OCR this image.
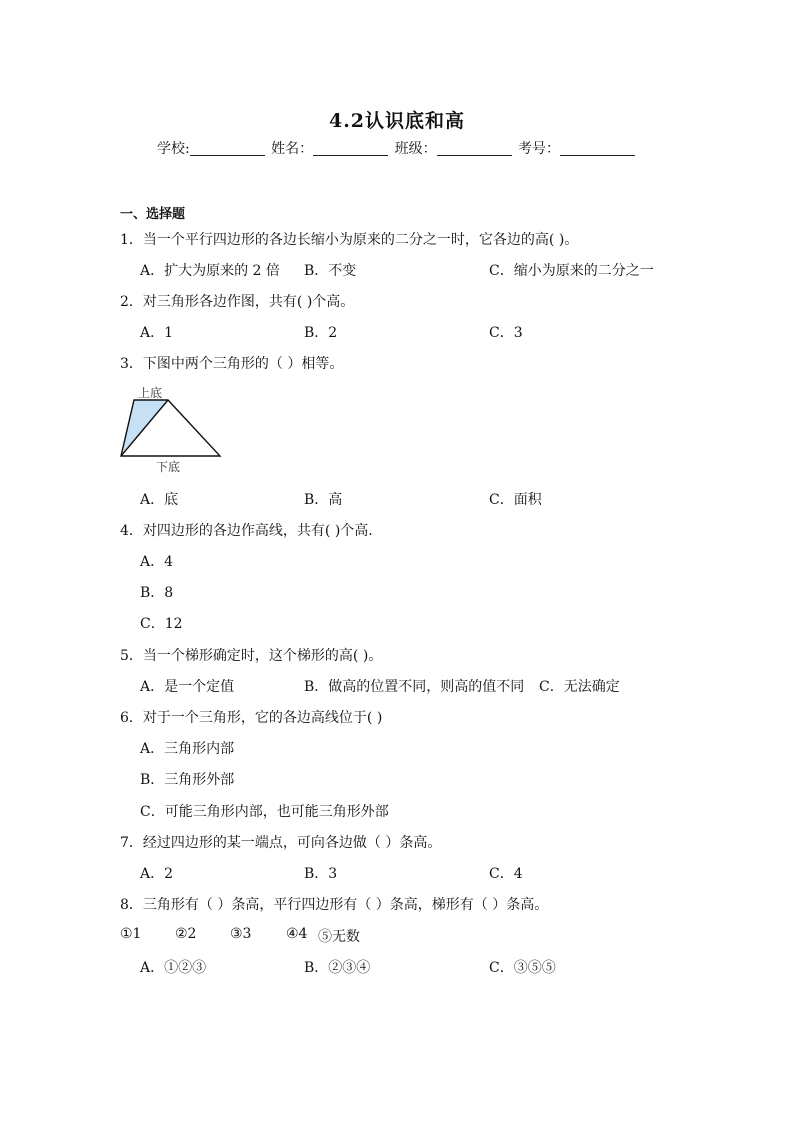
4.2认识底和高
学校:	姓名：	班级：	考号：
一、选择题
1．当一个平行四边形的各边长缩小为原来的二分之一时，它各边的高( )。
A．扩大为原来的 2 倍 B．不变	C．缩小为原来的二分之一
2．对三角形各边作图，共有( )个高。
A．1	B．2	C．3
3．下图中两个三角形的（ ）相等。
上底
下底
A．底	B．高	C．面积
4．对四边形的各边作高线，共有( )个高.
A．4
B．8
C．12
5．当一个梯形确定时，这个梯形的高( )。
A．是一个定值	B．做高的位置不同，则高的值不同 C．无法确定
6．对于一个三角形，它的各边高线位于( )
A．三角形内部
B．三角形外部
C．可能三角形内部，也可能三角形外部
7．经过四边形的某一端点，可向各边做（ ）条高。
A．2	B．3	C．4
8．三角形有（ ）条高，平行四边形有（ ）条高，梯形有（ ）条高。
①1 ②2 ③3 ④4 ⑤无数
A．①②③	B．②③④	C．③⑤⑤
